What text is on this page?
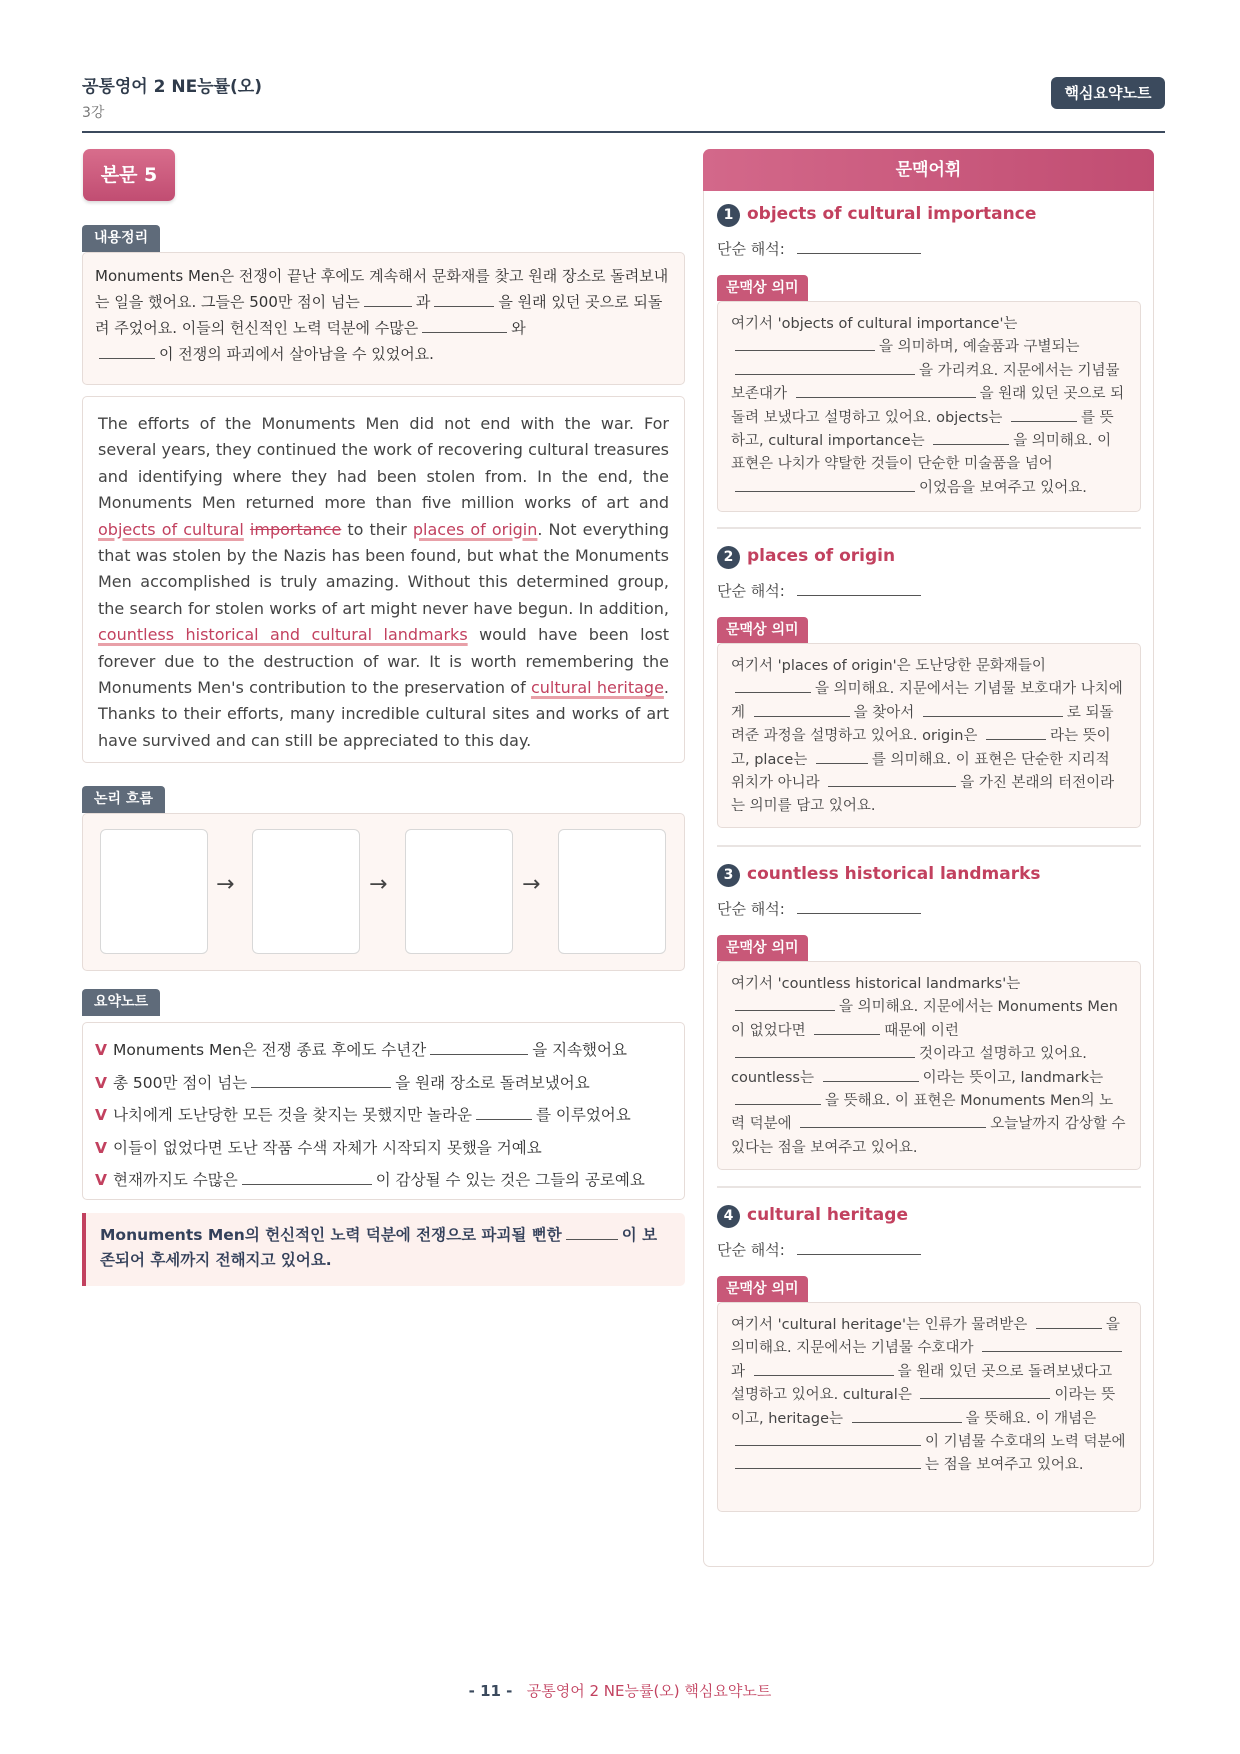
공통영어 2 NE능률(오)
3강
핵심요약노트
본문 5
내용정리
Monuments Men은 전쟁이 끝난 후에도 계속해서 문화재를 찾고 원래 장소로 돌려보내는 일을 했어요. 그들은 500만 점이 넘는	과	을 원래 있던 곳으로 되돌려 주었어요. 이들의 헌신적인 노력 덕분에 수많은	와
이 전쟁의 파괴에서 살아남을 수 있었어요.
The efforts of the Monuments Men did not end with the war. For several years, they continued the work of recovering cultural treasures and identifying where they had been stolen from. In the end, the Monuments Men returned more than five million works of art and objects of cultural importance to their places of origin. Not everything that was stolen by the Nazis has been found, but what the Monuments Men accomplished is truly amazing. Without this determined group, the search for stolen works of art might never have begun. In addition, countless historical and cultural landmarks would have been lost forever due to the destruction of war. It is worth remembering the Monuments Men's contribution to the preservation of cultural heritage. Thanks to their efforts, many incredible cultural sites and works of art have survived and can still be appreciated to this day.
논리 흐름
→	→	→
요약노트
V Monuments Men은 전쟁 종료 후에도 수년간	을 지속했어요
V 총 500만 점이 넘는	을 원래 장소로 돌려보냈어요
V 나치에게 도난당한 모든 것을 찾지는 못했지만 놀라운	를 이루었어요
V 이들이 없었다면 도난 작품 수색 자체가 시작되지 못했을 거예요
V 현재까지도 수많은	이 감상될 수 있는 것은 그들의 공로예요
Monuments Men의 헌신적인 노력 덕분에 전쟁으로 파괴될 뻔한	이 보존되어 후세까지 전해지고 있어요.
문맥어휘
1 objects of cultural importance
단순 해석:
문맥상 의미
여기서 'objects of cultural importance'는 을 의미하며, 예술품과 구별되는 을 가리켜요. 지문에서는 기념물보존대가	을 원래 있던 곳으로 되돌려 보냈다고 설명하고 있어요. objects는	를 뜻하고, cultural importance는	을 의미해요. 이 표현은 나치가 약탈한 것들이 단순한 미술품을 넘어 이었음을 보여주고 있어요.
2 places of origin
단순 해석:
문맥상 의미
여기서 'places of origin'은 도난당한 문화재들이 을 의미해요. 지문에서는 기념물 보호대가 나치에게	을 찾아서	로 되돌려준 과정을 설명하고 있어요. origin은	라는 뜻이고, place는	를 의미해요. 이 표현은 단순한 지리적 위치가 아니라	을 가진 본래의 터전이라는 의미를 담고 있어요.
3 countless historical landmarks
단순 해석:
문맥상 의미
여기서 'countless historical landmarks'는 을 의미해요. 지문에서는 Monuments Men이 없었다면	때문에 이런 것이라고 설명하고 있어요. countless는	이라는 뜻이고, landmark는 을 뜻해요. 이 표현은 Monuments Men의 노력 덕분에	오늘날까지 감상할 수 있다는 점을 보여주고 있어요.
4 cultural heritage
단순 해석:
문맥상 의미
여기서 'cultural heritage'는 인류가 물려받은	을 의미해요. 지문에서는 기념물 수호대가 과	을 원래 있던 곳으로 돌려보냈다고 설명하고 있어요. cultural은	이라는 뜻이고, heritage는	을 뜻해요. 이 개념은 이 기념물 수호대의 노력 덕분에 는 점을 보여주고 있어요.
- 11 - 공통영어 2 NE능률(오) 핵심요약노트
